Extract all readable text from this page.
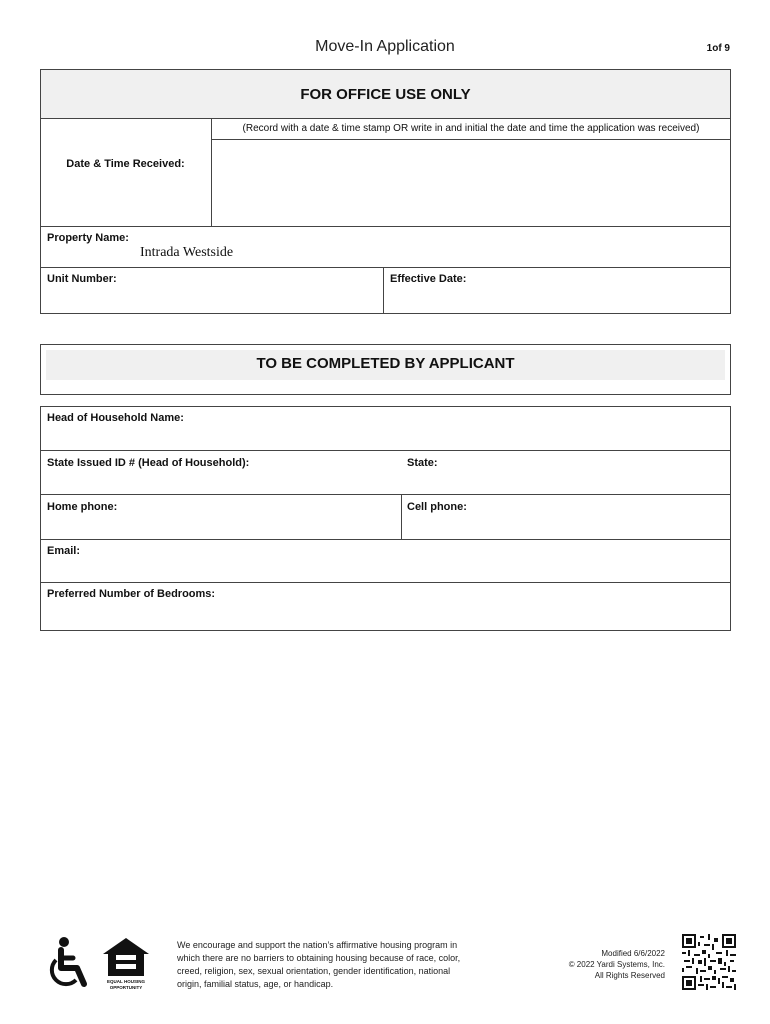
Move-In Application	1of 9
FOR OFFICE USE ONLY
(Record with a date & time stamp OR write in and initial the date and time the application was received)
Date & Time Received:
Property Name:
Intrada Westside
Unit Number:	Effective Date:
TO BE COMPLETED BY APPLICANT
Head of Household Name:
State Issued ID # (Head of Household):	State:
Home phone:	Cell phone:
Email:
Preferred Number of Bedrooms:
EQUAL HOUSING
OPPORTUNITY
We encourage and support the nation’s affirmative housing program in which there are no barriers to obtaining housing because of race, color, creed, religion, sex, sexual orientation, gender identification, national origin, familial status, age, or handicap.
Modified 6/6/2022
© 2022 Yardi Systems, Inc.
All Rights Reserved
